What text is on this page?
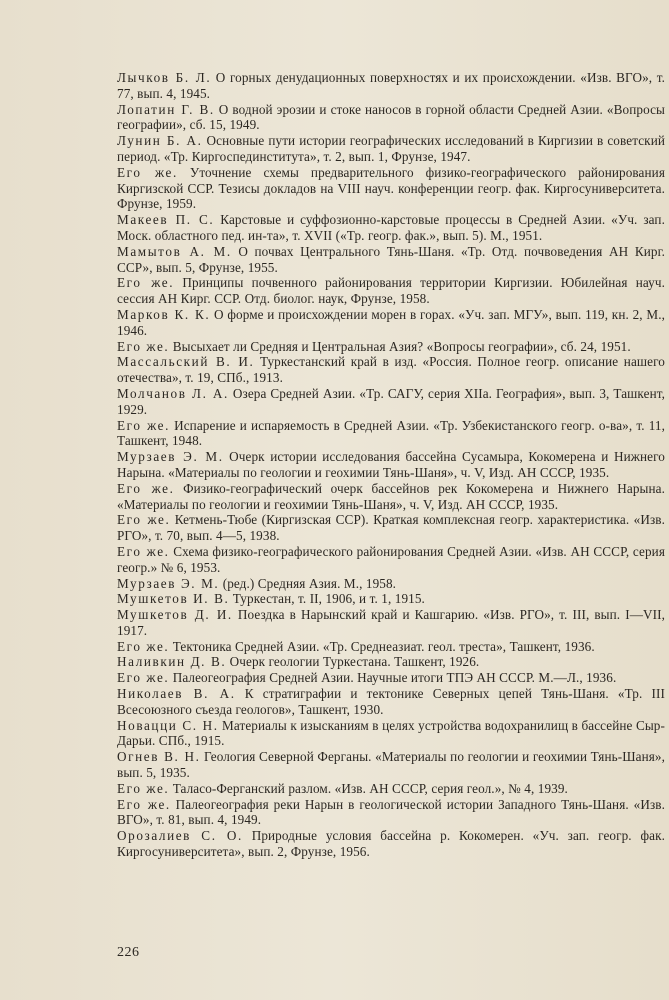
Лычков Б. Л. О горных денудационных поверхностях и их происхождении. «Изв. ВГО», т. 77, вып. 4, 1945.
Лопатин Г. В. О водной эрозии и стоке наносов в горной области Средней Азии. «Вопросы географии», сб. 15, 1949.
Лунин Б. А. Основные пути истории географических исследований в Киргизии в советский период. «Тр. Киргоспединститута», т. 2, вып. 1, Фрунзе, 1947.
Его же. Уточнение схемы предварительного физико-географического районирования Киргизской ССР. Тезисы докладов на VIII науч. конференции геогр. фак. Киргосуниверситета. Фрунзе, 1959.
Макеев П. С. Карстовые и суффозионно-карстовые процессы в Средней Азии. «Уч. зап. Моск. областного пед. ин-та», т. XVII («Тр. геогр. фак.», вып. 5). М., 1951.
Мамытов А. М. О почвах Центрального Тянь-Шаня. «Тр. Отд. почвоведения АН Кирг. ССР», вып. 5, Фрунзе, 1955.
Его же. Принципы почвенного районирования территории Киргизии. Юбилейная науч. сессия АН Кирг. ССР. Отд. биолог. наук, Фрунзе, 1958.
Марков К. К. О форме и происхождении морен в горах. «Уч. зап. МГУ», вып. 119, кн. 2, М., 1946.
Его же. Высыхает ли Средняя и Центральная Азия? «Вопросы географии», сб. 24, 1951.
Массальский В. И. Туркестанский край в изд. «Россия. Полное геогр. описание нашего отечества», т. 19, СПб., 1913.
Молчанов Л. А. Озера Средней Азии. «Тр. САГУ, серия XIIа. География», вып. 3, Ташкент, 1929.
Его же. Испарение и испаряемость в Средней Азии. «Тр. Узбекистанского геогр. о-ва», т. 11, Ташкент, 1948.
Мурзаев Э. М. Очерк истории исследования бассейна Сусамыра, Кокомерена и Нижнего Нарына. «Материалы по геологии и геохимии Тянь-Шаня», ч. V, Изд. АН СССР, 1935.
Его же. Физико-географический очерк бассейнов рек Кокомерена и Нижнего Нарына. «Материалы по геологии и геохимии Тянь-Шаня», ч. V, Изд. АН СССР, 1935.
Его же. Кетмень-Тюбе (Киргизская ССР). Краткая комплексная геогр. характеристика. «Изв. РГО», т. 70, вып. 4—5, 1938.
Его же. Схема физико-географического районирования Средней Азии. «Изв. АН СССР, серия геогр.» № 6, 1953.
Мурзаев Э. М. (ред.) Средняя Азия. М., 1958.
Мушкетов И. В. Туркестан, т. II, 1906, и т. 1, 1915.
Мушкетов Д. И. Поездка в Нарынский край и Кашгарию. «Изв. РГО», т. III, вып. I—VII, 1917.
Его же. Тектоника Средней Азии. «Тр. Среднеазиат. геол. треста», Ташкент, 1936.
Наливкин Д. В. Очерк геологии Туркестана. Ташкент, 1926.
Его же. Палеогеография Средней Азии. Научные итоги ТПЭ АН СССР. М.—Л., 1936.
Николаев В. А. К стратиграфии и тектонике Северных цепей Тянь-Шаня. «Тр. III Всесоюзного съезда геологов», Ташкент, 1930.
Новацци С. Н. Материалы к изысканиям в целях устройства водохранилищ в бассейне Сыр-Дарьи. СПб., 1915.
Огнев В. Н. Геология Северной Ферганы. «Материалы по геологии и геохимии Тянь-Шаня», вып. 5, 1935.
Его же. Таласо-Ферганский разлом. «Изв. АН СССР, серия геол.», № 4, 1939.
Его же. Палеогеография реки Нарын в геологической истории Западного Тянь-Шаня. «Изв. ВГО», т. 81, вып. 4, 1949.
Орозалиев С. О. Природные условия бассейна р. Кокомерен. «Уч. зап. геогр. фак. Киргосуниверситета», вып. 2, Фрунзе, 1956.
226
